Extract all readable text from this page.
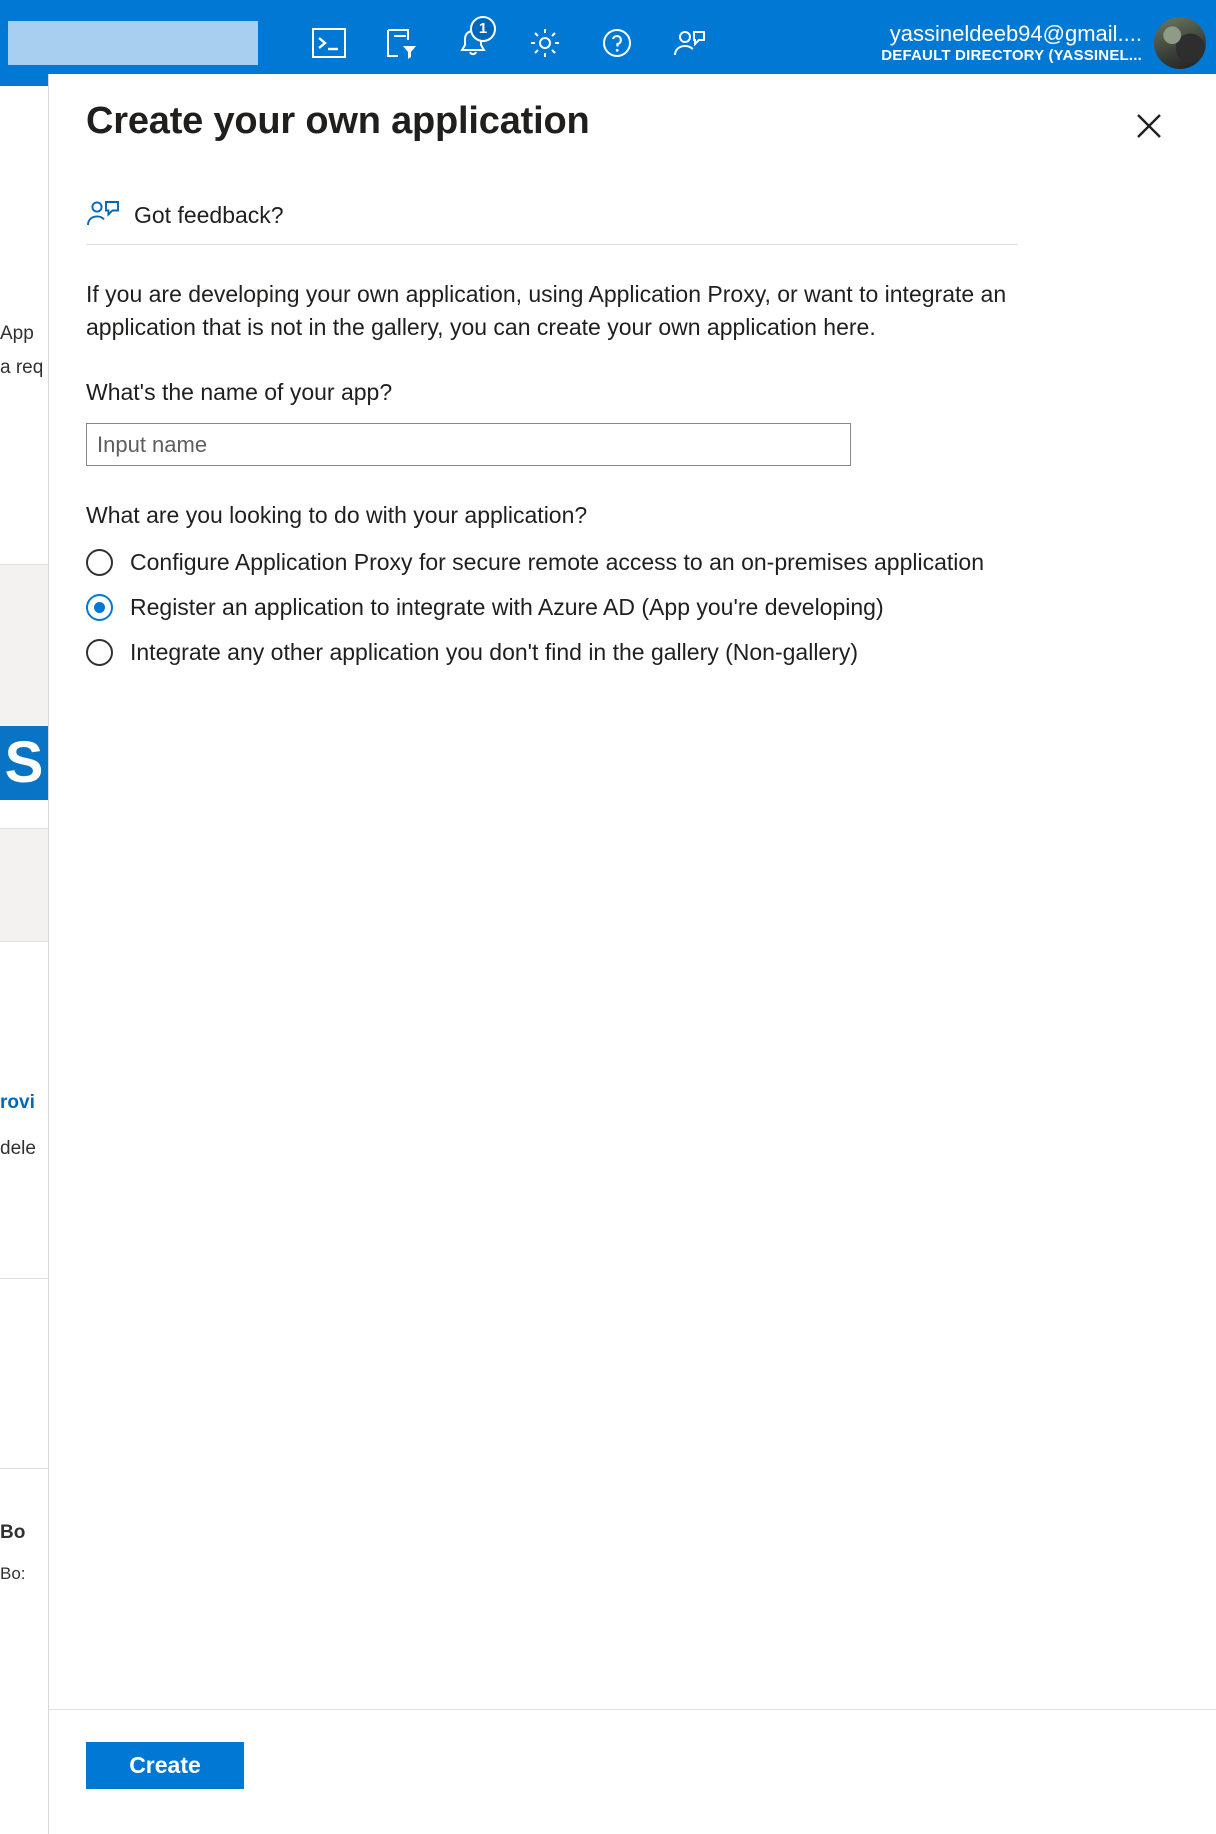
1	yassineldeeb94@gmail....
DEFAULT DIRECTORY (YASSINEL...
App
a req
S
rovi
dele
Bo
Bo:
Create your own application
Got feedback?
If you are developing your own application, using Application Proxy, or want to integrate an application that is not in the gallery, you can create your own application here.
What's the name of your app?
Input name
What are you looking to do with your application?
Configure Application Proxy for secure remote access to an on-premises application
Register an application to integrate with Azure AD (App you're developing)
Integrate any other application you don't find in the gallery (Non-gallery)
Create
